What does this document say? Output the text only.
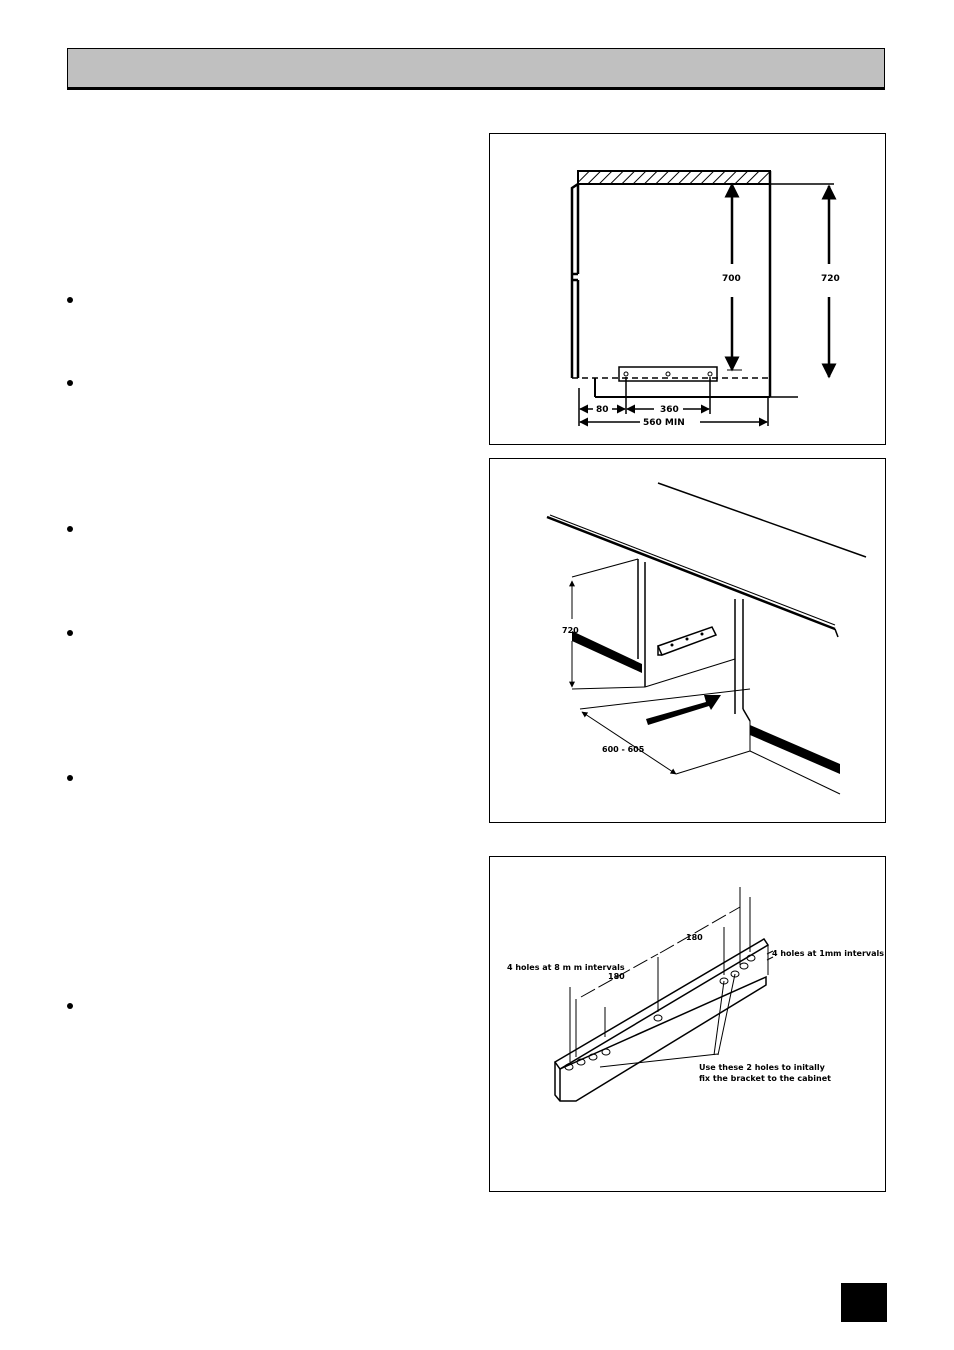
700	720
80	360
560 MIN
720
600 - 605
180
180
4 holes at 8 m m intervals
4 holes at 1mm intervals
Use these 2 holes to initally
fix the bracket to the cabinet
